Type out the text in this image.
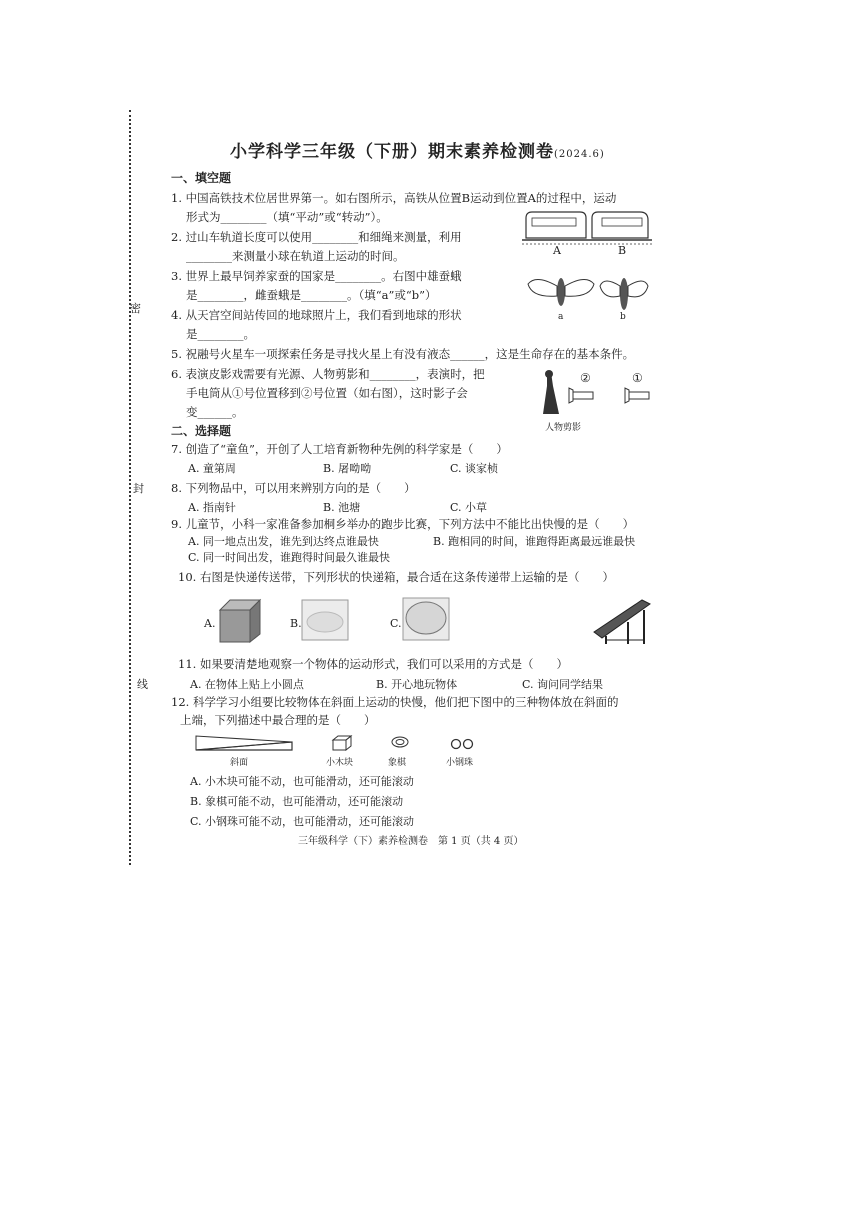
密
封
线
小学科学三年级（下册）期末素养检测卷(2024.6)
一、填空题
1. 中国高铁技术位居世界第一。如右图所示，高铁从位置B运动到位置A的过程中，运动
形式为________（填“平动”或“转动”）。
2. 过山车轨道长度可以使用________和细绳来测量，利用
________来测量小球在轨道上运动的时间。
3. 世界上最早饲养家蚕的国家是________。右图中雄蚕蛾
是________，雌蚕蛾是________。（填“a”或“b”）
4. 从天宫空间站传回的地球照片上，我们看到地球的形状
是________。
5. 祝融号火星车一项探索任务是寻找火星上有没有液态______，这是生命存在的基本条件。
6. 表演皮影戏需要有光源、人物剪影和________，表演时，把
手电筒从①号位置移到②号位置（如右图），这时影子会
变______。
A	B
a	b
②	①
人物剪影
二、选择题
7. 创造了“童鱼”，开创了人工培育新物种先例的科学家是（　　）
A. 童第周	B. 屠呦呦	C. 谈家桢
8. 下列物品中，可以用来辨别方向的是（　　）
A. 指南针	B. 池塘	C. 小草
9. 儿童节，小科一家准备参加桐乡举办的跑步比赛，下列方法中不能比出快慢的是（　　）
A. 同一地点出发，谁先到达终点谁最快	B. 跑相同的时间，谁跑得距离最远谁最快
C. 同一时间出发，谁跑得时间最久谁最快
10. 右图是快递传送带，下列形状的快递箱，最合适在这条传递带上运输的是（　　）
A.	B.	C.
11. 如果要清楚地观察一个物体的运动形式，我们可以采用的方式是（　　）
A. 在物体上贴上小圆点	B. 开心地玩物体	C. 询问同学结果
12. 科学学习小组要比较物体在斜面上运动的快慢，他们把下图中的三种物体放在斜面的
上端，下列描述中最合理的是（　　）
斜面	小木块	象棋	小钢珠
A. 小木块可能不动，也可能滑动，还可能滚动
B. 象棋可能不动，也可能滑动，还可能滚动
C. 小钢珠可能不动，也可能滑动，还可能滚动
三年级科学（下）素养检测卷　第 1 页（共 4 页）
